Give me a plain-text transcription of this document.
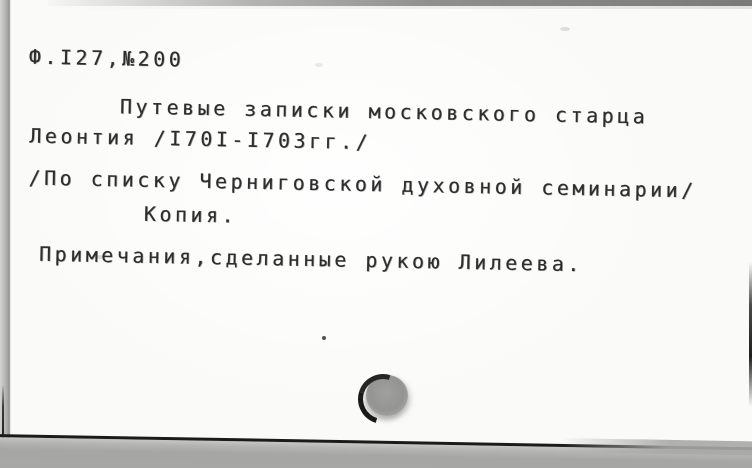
Ф.I27,№200
Путевые записки московского старца
Леонтия /I70I-I703гг./
/По списку Черниговской духовной семинарии/
Копия.
Примечания,сделанные рукою Лилеева.
